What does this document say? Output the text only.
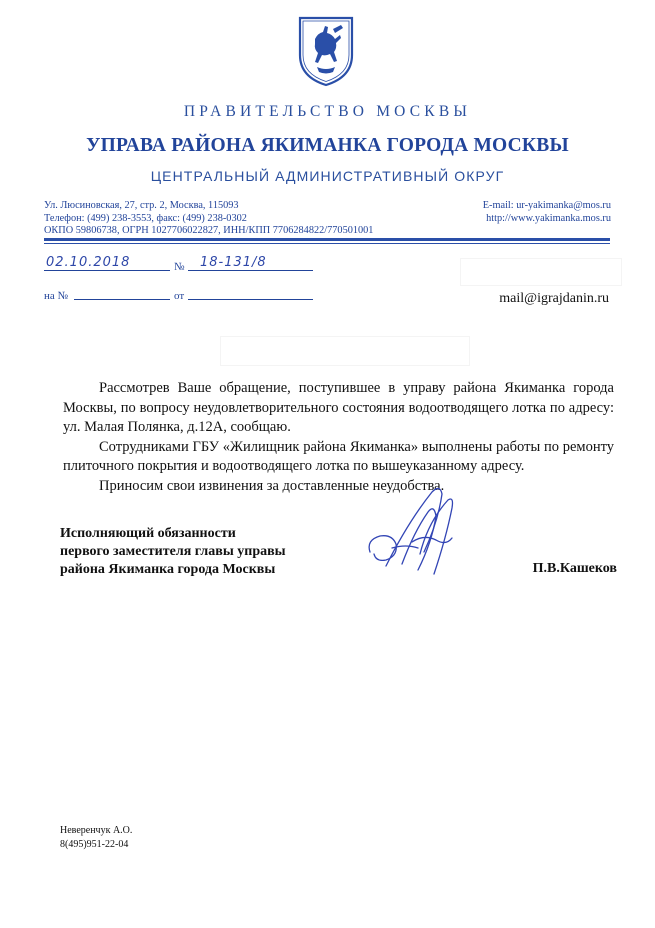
ПРАВИТЕЛЬСТВО МОСКВЫ
УПРАВА РАЙОНА ЯКИМАНКА ГОРОДА МОСКВЫ
ЦЕНТРАЛЬНЫЙ АДМИНИСТРАТИВНЫЙ ОКРУГ
Ул. Люсиновская, 27, стр. 2, Москва, 115093
Телефон: (499) 238-3553, факс: (499) 238-0302
ОКПО 59806738, ОГРН 1027706022827, ИНН/КПП 7706284822/770501001
E-mail: ur-yakimanka@mos.ru
http://www.yakimanka.mos.ru
02.10.2018	№ 18-131/8
на №	от	mail@igrajdanin.ru

Рассмотрев Ваше обращение, поступившее в управу района Якиманка города Москвы, по вопросу неудовлетворительного состояния водоотводящего лотка по адресу: ул. Малая Полянка, д.12А, сообщаю.

Сотрудниками ГБУ «Жилищник района Якиманка» выполнены работы по ремонту плиточного покрытия и водоотводящего лотка по вышеуказанному адресу.

Приносим свои извинения за доставленные неудобства.

Исполняющий обязанности
первого заместителя главы управы
района Якиманка города Москвы	П.В.Кашеков
Неверенчук А.О.
8(495)951-22-04
